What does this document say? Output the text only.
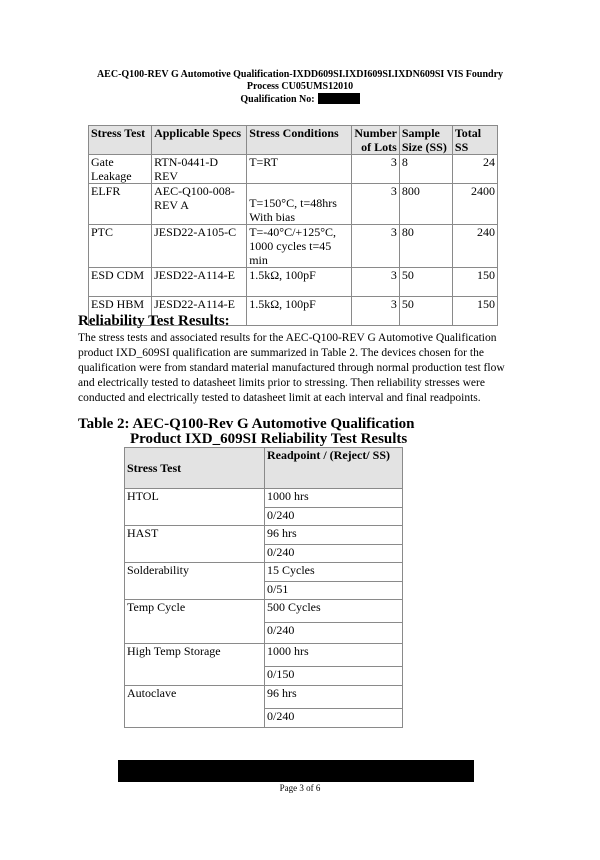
AEC-Q100-REV G Automotive Qualification-IXDD609SI.IXDI609SI.IXDN609SI VIS Foundry
Process CU05UMS12010
Qualification No:
Stress Test	Applicable Specs	Stress Conditions	Number of Lots	Sample Size (SS)	Total SS
Gate Leakage	RTN-0441-D REV	T=RT	3	8	24
ELFR	AEC-Q100-008-REV A	T=150°C, t=48hrs With bias	3	800	2400
PTC	JESD22-A105-C	T=-40°C/+125°C, 1000 cycles t=45 min	3	80	240
ESD CDM	JESD22-A114-E	1.5kΩ, 100pF	3	50	150
ESD HBM	JESD22-A114-E	1.5kΩ, 100pF	3	50	150
Reliability Test Results:
The stress tests and associated results for the AEC-Q100-REV G Automotive Qualification product IXD_609SI qualification are summarized in Table 2. The devices chosen for the qualification were from standard material manufactured through normal production test flow and electrically tested to datasheet limits prior to stressing. Then reliability stresses were conducted and electrically tested to datasheet limit at each interval and final readpoints.
Table 2: AEC-Q100-Rev G Automotive Qualification
Product IXD_609SI Reliability Test Results
Stress Test	Readpoint / (Reject/ SS)
HTOL	1000 hrs
	0/240
HAST	96 hrs
	0/240
Solderability	15 Cycles
	0/51
Temp Cycle	500 Cycles
	0/240
High Temp Storage	1000 hrs
	0/150
Autoclave	96 hrs
	0/240
Page 3 of 6
